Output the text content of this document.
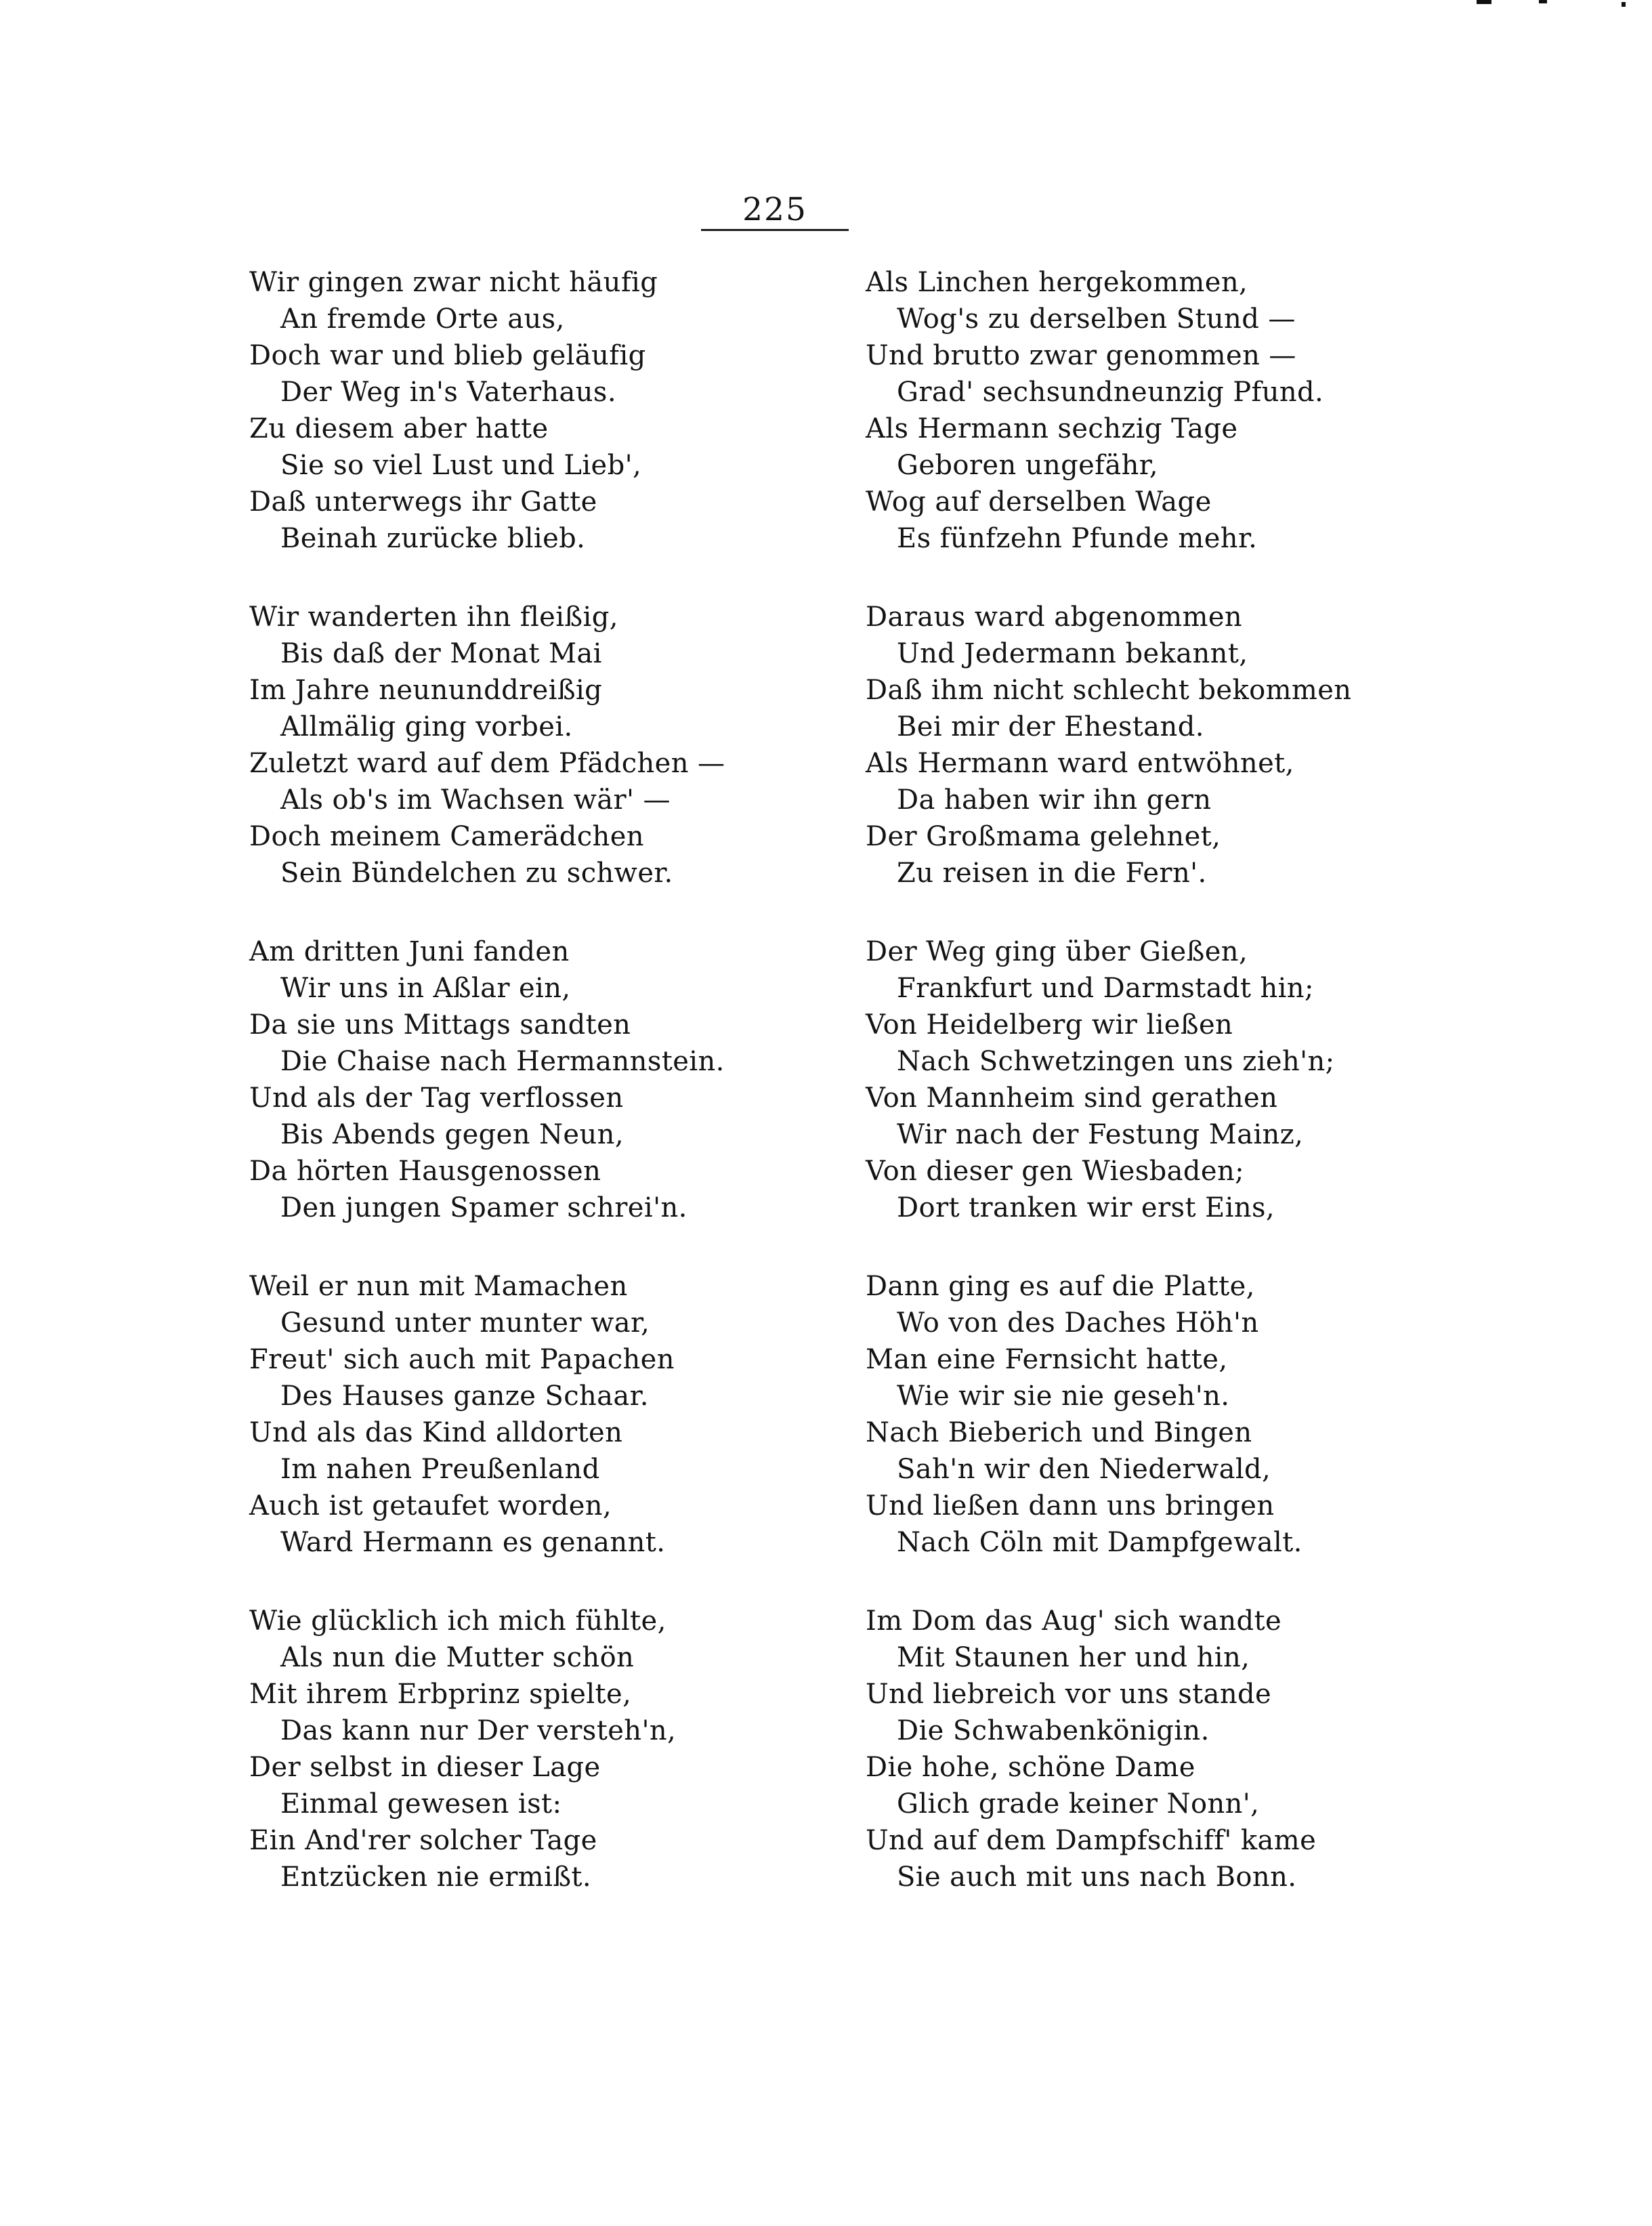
225

Wir gingen zwar nicht häufig

An fremde Orte aus,

Doch war und blieb geläufig

Der Weg in's Vaterhaus.

Zu diesem aber hatte

Sie so viel Lust und Lieb',

Daß unterwegs ihr Gatte

Beinah zurücke blieb.

Wir wanderten ihn fleißig,

Bis daß der Monat Mai

Im Jahre neununddreißig

Allmälig ging vorbei.

Zuletzt ward auf dem Pfädchen —

Als ob's im Wachsen wär' —

Doch meinem Camerädchen

Sein Bündelchen zu schwer.

Am dritten Juni fanden

Wir uns in Aßlar ein,

Da sie uns Mittags sandten

Die Chaise nach Hermannstein.

Und als der Tag verflossen

Bis Abends gegen Neun,

Da hörten Hausgenossen

Den jungen Spamer schrei'n.

Weil er nun mit Mamachen

Gesund unter munter war,

Freut' sich auch mit Papachen

Des Hauses ganze Schaar.

Und als das Kind alldorten

Im nahen Preußenland

Auch ist getaufet worden,

Ward Hermann es genannt.

Wie glücklich ich mich fühlte,

Als nun die Mutter schön

Mit ihrem Erbprinz spielte,

Das kann nur Der versteh'n,

Der selbst in dieser Lage

Einmal gewesen ist:

Ein And'rer solcher Tage

Entzücken nie ermißt.

Als Linchen hergekommen,

Wog's zu derselben Stund —

Und brutto zwar genommen —

Grad' sechsundneunzig Pfund.

Als Hermann sechzig Tage

Geboren ungefähr,

Wog auf derselben Wage

Es fünfzehn Pfunde mehr.

Daraus ward abgenommen

Und Jedermann bekannt,

Daß ihm nicht schlecht bekommen

Bei mir der Ehestand.

Als Hermann ward entwöhnet,

Da haben wir ihn gern

Der Großmama gelehnet,

Zu reisen in die Fern'.

Der Weg ging über Gießen,

Frankfurt und Darmstadt hin;

Von Heidelberg wir ließen

Nach Schwetzingen uns zieh'n;

Von Mannheim sind gerathen

Wir nach der Festung Mainz,

Von dieser gen Wiesbaden;

Dort tranken wir erst Eins,

Dann ging es auf die Platte,

Wo von des Daches Höh'n

Man eine Fernsicht hatte,

Wie wir sie nie geseh'n.

Nach Bieberich und Bingen

Sah'n wir den Niederwald,

Und ließen dann uns bringen

Nach Cöln mit Dampfgewalt.

Im Dom das Aug' sich wandte

Mit Staunen her und hin,

Und liebreich vor uns stande

Die Schwabenkönigin.

Die hohe, schöne Dame

Glich grade keiner Nonn',

Und auf dem Dampfschiff' kame

Sie auch mit uns nach Bonn.
